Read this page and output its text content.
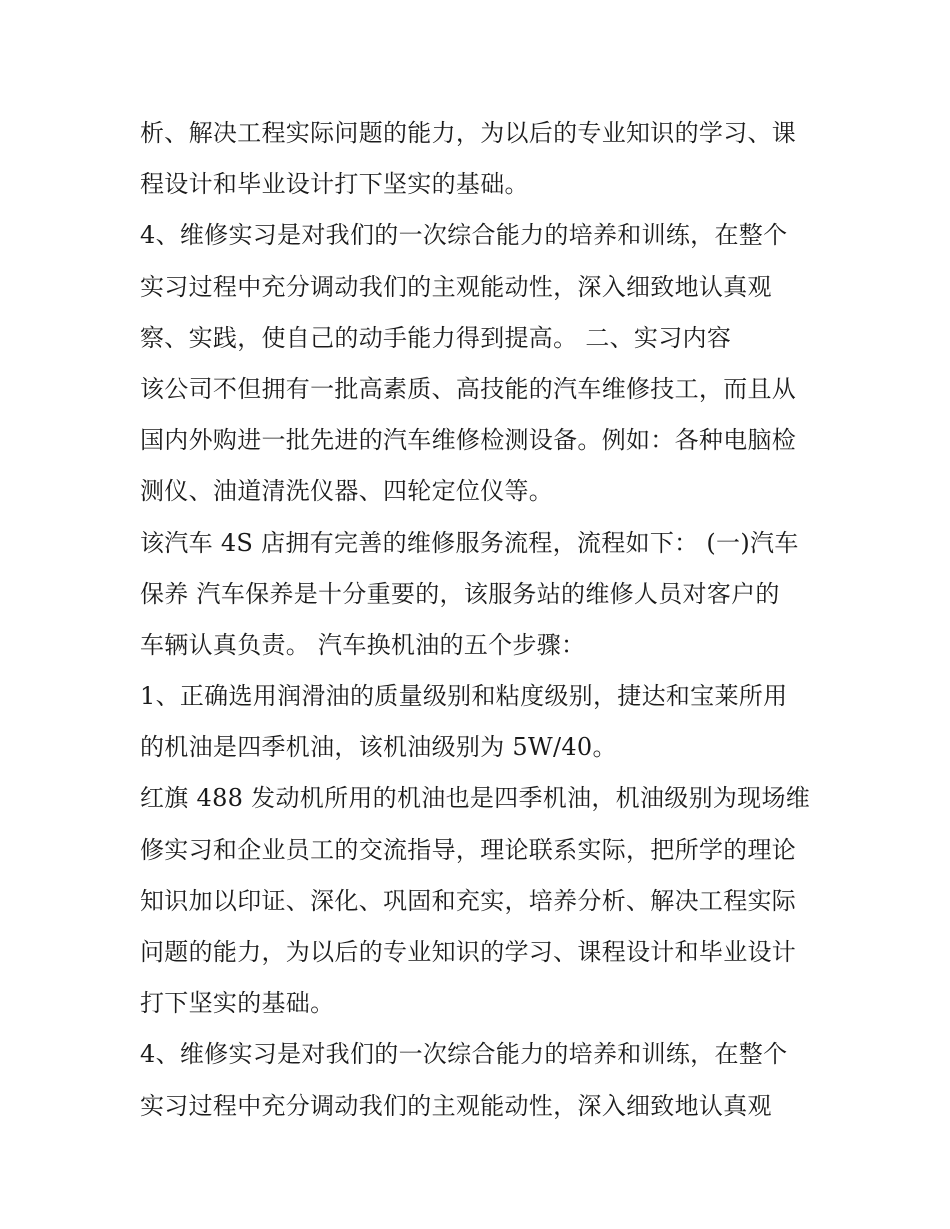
析、解决工程实际问题的能力，为以后的专业知识的学习、课
程设计和毕业设计打下坚实的基础。
4、维修实习是对我们的一次综合能力的培养和训练，在整个
实习过程中充分调动我们的主观能动性，深入细致地认真观
察、实践，使自己的动手能力得到提高。 二、实习内容
该公司不但拥有一批高素质、高技能的汽车维修技工，而且从
国内外购进一批先进的汽车维修检测设备。例如：各种电脑检
测仪、油道清洗仪器、四轮定位仪等。
该汽车 4S 店拥有完善的维修服务流程，流程如下： (一)汽车
保养 汽车保养是十分重要的，该服务站的维修人员对客户的
车辆认真负责。 汽车换机油的五个步骤：
1、正确选用润滑油的质量级别和粘度级别，捷达和宝莱所用
的机油是四季机油，该机油级别为 5W/40。
红旗 488 发动机所用的机油也是四季机油，机油级别为现场维
修实习和企业员工的交流指导，理论联系实际，把所学的理论
知识加以印证、深化、巩固和充实，培养分析、解决工程实际
问题的能力，为以后的专业知识的学习、课程设计和毕业设计
打下坚实的基础。
4、维修实习是对我们的一次综合能力的培养和训练，在整个
实习过程中充分调动我们的主观能动性，深入细致地认真观
